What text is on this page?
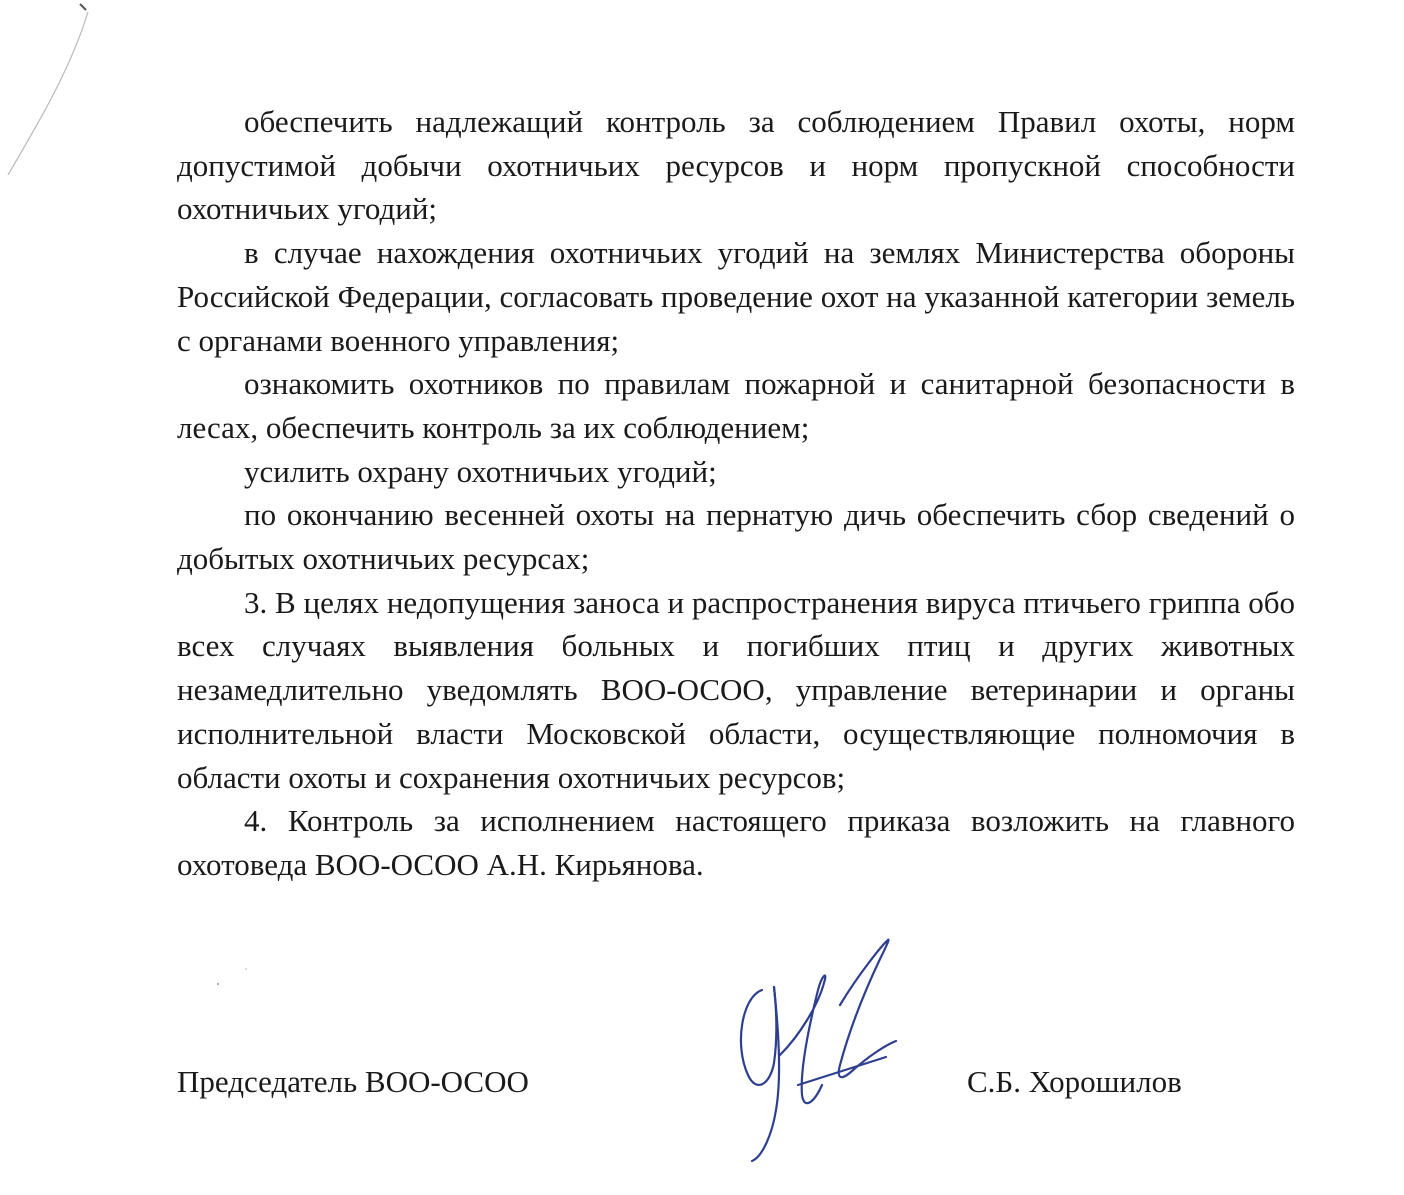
обеспечить надлежащий контроль за соблюдением Правил охоты, норм допустимой добычи охотничьих ресурсов и норм пропускной способности охотничьих угодий;

в случае нахождения охотничьих угодий на землях Министерства обороны Российской Федерации, согласовать проведение охот на указанной категории земель с органами военного управления;

ознакомить охотников по правилам пожарной и санитарной безопасности в лесах, обеспечить контроль за их соблюдением;

усилить охрану охотничьих угодий;

по окончанию весенней охоты на пернатую дичь обеспечить сбор сведений о добытых охотничьих ресурсах;

3. В целях недопущения заноса и распространения вируса птичьего гриппа обо всех случаях выявления больных и погибших птиц и других животных незамедлительно уведомлять ВОО-ОСОО, управление ветеринарии и органы исполнительной власти Московской области, осуществляющие полномочия в области охоты и сохранения охотничьих ресурсов;

4. Контроль за исполнением настоящего приказа возложить на главного охотоведа ВОО-ОСОО А.Н. Кирьянова.

Председатель ВОО-ОСОО	С.Б. Хорошилов
